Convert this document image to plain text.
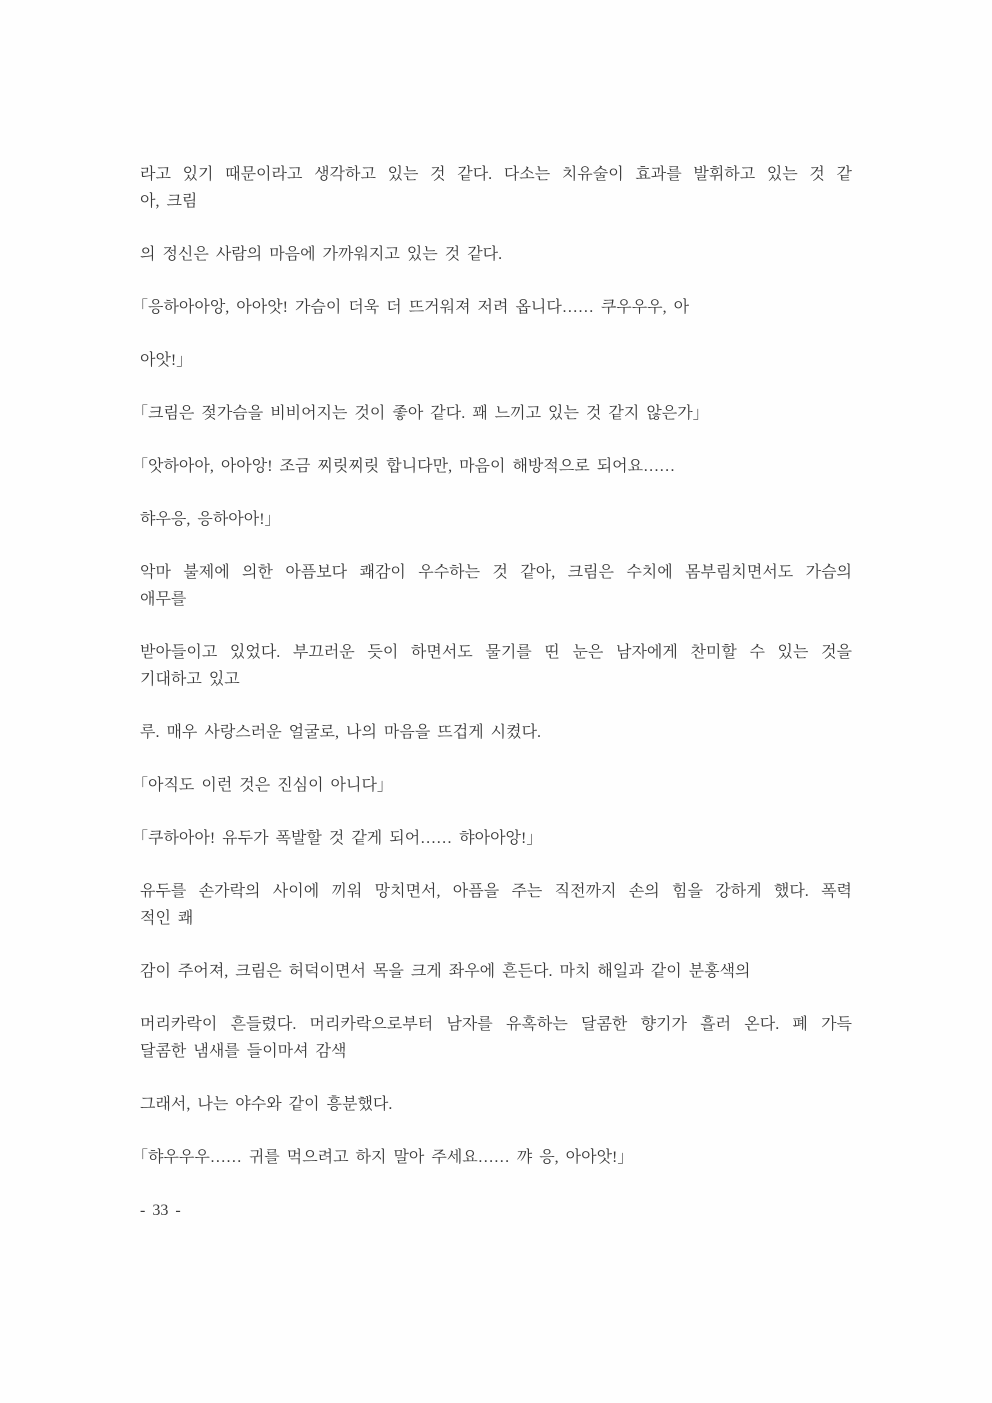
라고 있기 때문이라고 생각하고 있는 것 같다. 다소는 치유술이 효과를 발휘하고 있는 것 같
아, 크림

의 정신은 사람의 마음에 가까워지고 있는 것 같다.

「응하아아앙, 아아앗! 가슴이 더욱 더 뜨거워져 저려 옵니다…… 쿠우우우, 아

아앗!」

「크림은 젖가슴을 비비어지는 것이 좋아 같다. 꽤 느끼고 있는 것 같지 않은가」

「앗하아아, 아아앙! 조금 찌릿찌릿 합니다만, 마음이 해방적으로 되어요……

햐우응, 응하아아!」

악마 불제에 의한 아픔보다 쾌감이 우수하는 것 같아, 크림은 수치에 몸부림치면서도 가슴의
애무를

받아들이고 있었다. 부끄러운 듯이 하면서도 물기를 띤 눈은 남자에게 찬미할 수 있는 것을
기대하고 있고

루. 매우 사랑스러운 얼굴로, 나의 마음을 뜨겁게 시켰다.

「아직도 이런 것은 진심이 아니다」

「쿠하아아! 유두가 폭발할 것 같게 되어…… 햐아아앙!」

유두를 손가락의 사이에 끼워 망치면서, 아픔을 주는 직전까지 손의 힘을 강하게 했다. 폭력
적인 쾌

감이 주어져, 크림은 허덕이면서 목을 크게 좌우에 흔든다. 마치 해일과 같이 분홍색의

머리카락이 흔들렸다. 머리카락으로부터 남자를 유혹하는 달콤한 향기가 흘러 온다. 폐 가득
달콤한 냄새를 들이마셔 감색

그래서, 나는 야수와 같이 흥분했다.

「햐우우우…… 귀를 먹으려고 하지 말아 주세요…… 꺄 응, 아아앗!」

- 33 -
